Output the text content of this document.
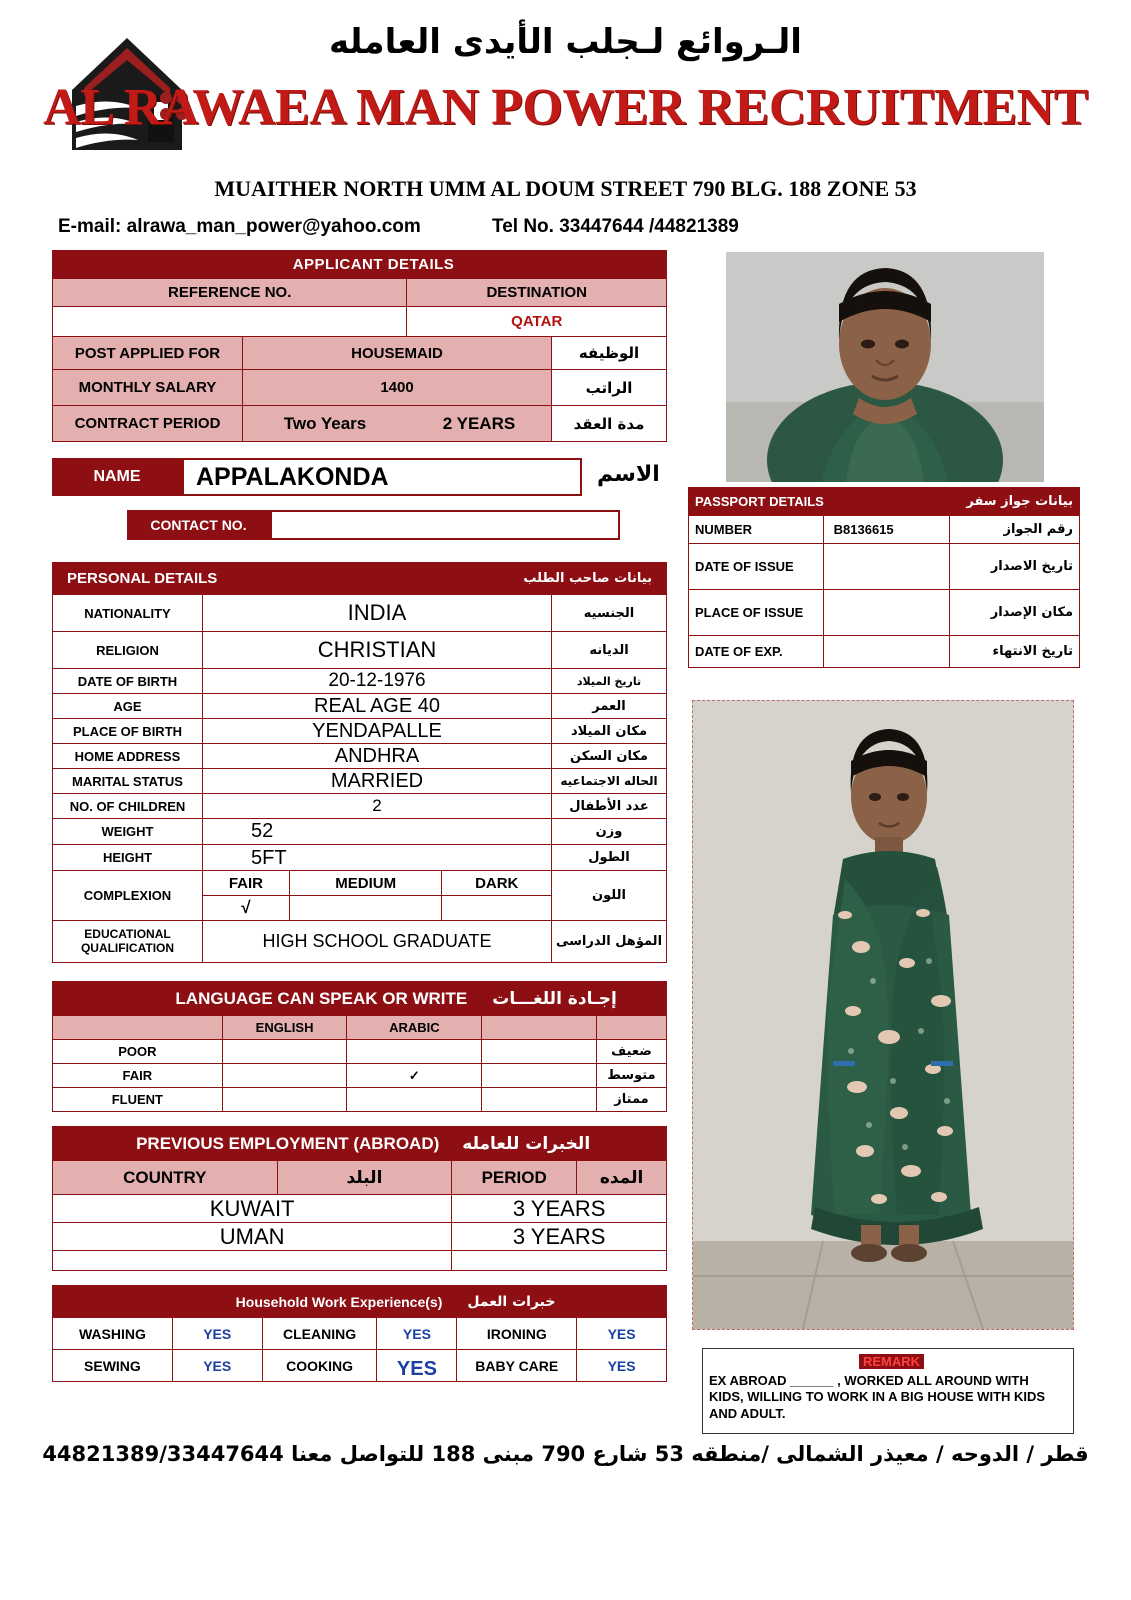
الـروائع لـجلب الأيدى العامله
AL RAWAEA MAN POWER RECRUITMENT
MUAITHER NORTH UMM AL DOUM STREET 790 BLG. 188 ZONE 53
E-mail: alrawa_man_power@yahoo.com	Tel No. 33447644 /44821389
APPLICANT DETAILS			
REFERENCE NO.		DESTINATION	
		QATAR	
POST APPLIED FOR	HOUSEMAID		الوظيفه
MONTHLY SALARY	1400		الراتب
CONTRACT PERIOD	Two Years	2 YEARS	مدة العقد
NAME	APPALAKONDA	الاسم
CONTACT NO.
PERSONAL DETAILS		بيانات صاحب الطلب		
NATIONALITY	INDIA			الجنسيه
RELIGION	CHRISTIAN			الديانه
DATE OF BIRTH	20-12-1976			تاريخ الميلاد
AGE	REAL AGE 40			العمر
PLACE OF BIRTH	YENDAPALLE			مكان الميلاد
HOME ADDRESS	ANDHRA			مكان السكن
MARITAL STATUS	MARRIED			الحاله الاجتماعيه
NO. OF CHILDREN	2			عدد الأطفال
WEIGHT	52			وزن
HEIGHT	5FT			الطول
COMPLEXION	FAIR	MEDIUM	DARK	اللون
	√			
EDUCATIONAL QUALIFICATION	HIGH SCHOOL GRADUATE			المؤهل الدراسى
LANGUAGE CAN SPEAK OR WRITE			إجـادة اللغـــات	
	ENGLISH	ARABIC		
POOR				ضعيف
FAIR		✓		متوسط
FLUENT				ممتاز
PREVIOUS EMPLOYMENT (ABROAD)		الخبرات للعامله	
COUNTRY	البلد	PERIOD	المده
KUWAIT		3 YEARS	
UMAN		3 YEARS	

Household Work Experience(s)				خبرات العمل	
WASHING	YES	CLEANING	YES	IRONING	YES
SEWING	YES	COOKING	YES	BABY CARE	YES
PASSPORT DETAILS		بيانات جواز سفر
NUMBER	B8136615	رقم الجواز
DATE OF ISSUE		تاريخ الاصدار
PLACE OF ISSUE		مكان الإصدار
DATE OF EXP.		تاريخ الانتهاء
REMARK
EX ABROAD ______ , WORKED ALL AROUND WITH KIDS, WILLING TO WORK IN A BIG HOUSE WITH KIDS AND ADULT.
قطر / الدوحه / معيذر الشمالى /منطقه 53 شارع 790 مبنى 188 للتواصل معنا 44821389/33447644
